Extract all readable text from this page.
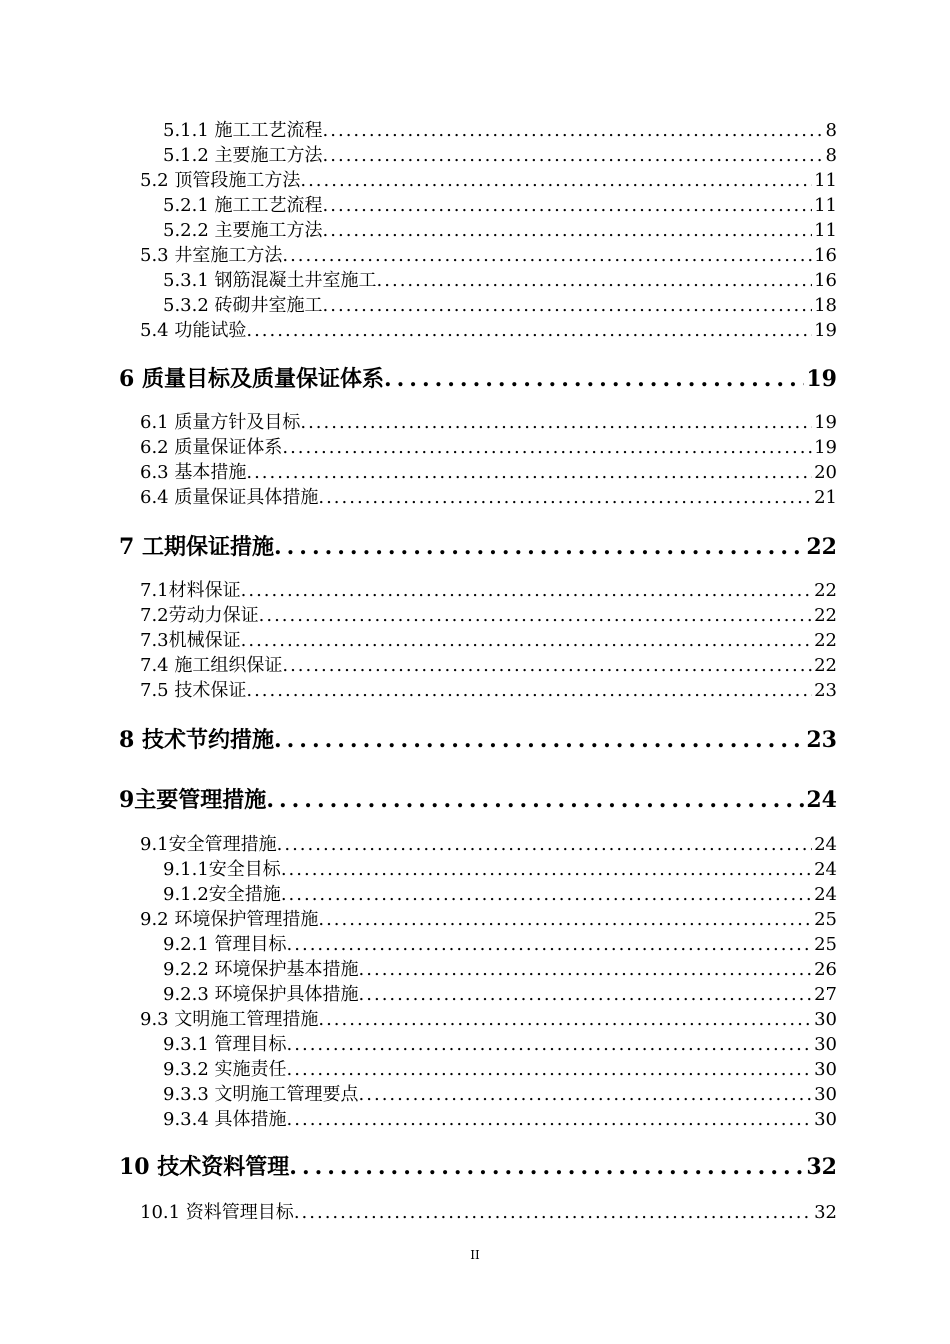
5.1.1 施工工艺流程 .....	8
5.1.2 主要施工方法 .....	8
5.2 顶管段施工方法 .....	11
5.2.1 施工工艺流程 .....	11
5.2.2 主要施工方法 .....	11
5.3 井室施工方法 .....	16
5.3.1 钢筋混凝土井室施工 .....	16
5.3.2 砖砌井室施工 .....	18
5.4 功能试验 .....	19
6 质量目标及质量保证体系 .....	19
6.1 质量方针及目标 .....	19
6.2 质量保证体系 .....	19
6.3 基本措施 .....	20
6.4 质量保证具体措施 .....	21
7 工期保证措施 .....	22
7.1材料保证 .....	22
7.2劳动力保证 .....	22
7.3机械保证 .....	22
7.4 施工组织保证 .....	22
7.5 技术保证 .....	23
8 技术节约措施 .....	23
9主要管理措施 .....	24
9.1安全管理措施 .....	24
9.1.1安全目标 .....	24
9.1.2安全措施 .....	24
9.2 环境保护管理措施 .....	25
9.2.1 管理目标 .....	25
9.2.2 环境保护基本措施 .....	26
9.2.3 环境保护具体措施 .....	27
9.3 文明施工管理措施 .....	30
9.3.1 管理目标 .....	30
9.3.2 实施责任 .....	30
9.3.3 文明施工管理要点 .....	30
9.3.4 具体措施 .....	30
10 技术资料管理 .....	32
10.1 资料管理目标 .....	32
II
